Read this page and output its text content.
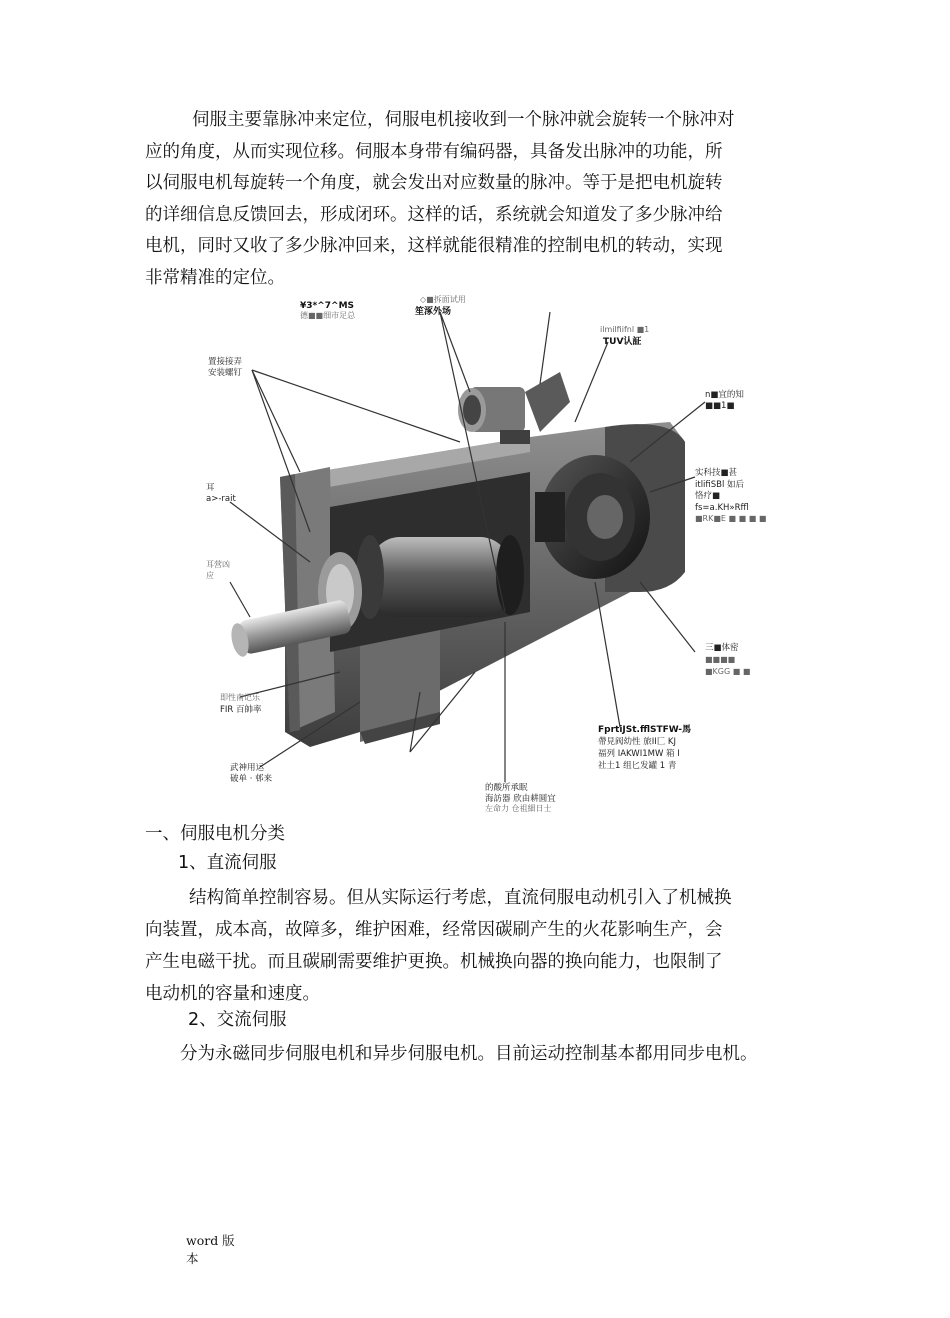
伺服主要靠脉冲来定位，伺服电机接收到一个脉冲就会旋转一个脉冲对
应的角度，从而实现位移。伺服本身带有编码器，具备发出脉冲的功能，所
以伺服电机每旋转一个角度，就会发出对应数量的脉冲。等于是把电机旋转
的详细信息反馈回去，形成闭环。这样的话，系统就会知道发了多少脉冲给
电机，同时又收了多少脉冲回来，这样就能很精准的控制电机的转动，实现
非常精准的定位。
¥3*^7^MS
德■■细市足总
◇■拆面试用
笙涿外场
ilmilfiifnl ■1
TUV认証
置接接弄
安装螺钉
n■宜的知
■■1■
实科技■甚
itlifiSBl 如后
恪疗■
fs=a.KH»Rffl
■RK■E ■ ■ ■ ■
耳
a>-rait
耳营凶
应
三■体密
■■■■
■KGG ■ ■
FprtiJSt.fflSTFW-馬
帶見阀幼性 旅II匚 KJ
福列 IAKWI1MW 箱 I
社土1 组匕发罐 1 青
即性南记乐
FIR 百帥率
武神用运
破单 · 邨来
的酸所承眠
海訪器 欣由耕圆宜
左命力 仓祖細日士
一、伺服电机分类
1、直流伺服
结构简单控制容易。但从实际运行考虑，直流伺服电动机引入了机械换
向装置，成本高，故障多，维护困难，经常因碳刷产生的火花影响生产，会
产生电磁干扰。而且碳刷需要维护更换。机械换向器的换向能力，也限制了
电动机的容量和速度。
2、交流伺服
分为永磁同步伺服电机和异步伺服电机。目前运动控制基本都用同步电机。
word 版
本
